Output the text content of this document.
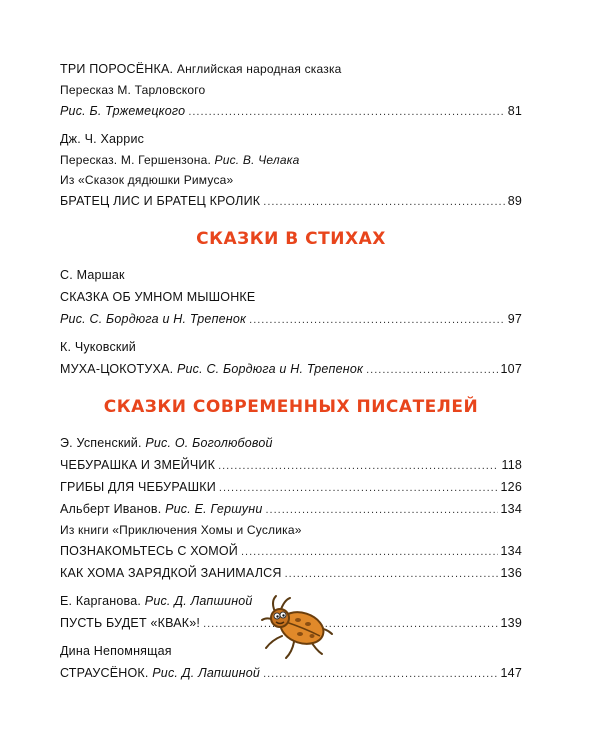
ТРИ ПОРОСЁНКА. Английская народная сказка
Пересказ М. Тарловского
Рис. Б. Тржемецкого .....	81
Дж. Ч. Харрис
Пересказ. М. Гершензона. Рис. В. Челака
Из «Сказок дядюшки Римуса»
БРАТЕЦ ЛИС И БРАТЕЦ КРОЛИК .....	89
СКАЗКИ В СТИХАХ
С. Маршак
СКАЗКА ОБ УМНОМ МЫШОНКЕ
Рис. С. Бордюга и Н. Трепенок .....	97
К. Чуковский
МУХА-ЦОКОТУХА. Рис. С. Бордюга и Н. Трепенок .....	107
СКАЗКИ СОВРЕМЕННЫХ ПИСАТЕЛЕЙ
Э. Успенский. Рис. О. Боголюбовой
ЧЕБУРАШКА И ЗМЕЙЧИК .....	118
ГРИБЫ ДЛЯ ЧЕБУРАШКИ .....	126
Альберт Иванов. Рис. Е. Гершуни .....	134
Из книги «Приключения Хомы и Суслика»
ПОЗНАКОМЬТЕСЬ С ХОМОЙ .....	134
КАК ХОМА ЗАРЯДКОЙ ЗАНИМАЛСЯ .....	136
Е. Карганова. Рис. Д. Лапшиной
ПУСТЬ БУДЕТ «КВАК»! .....	139
Дина Непомнящая
СТРАУСЁНОК. Рис. Д. Лапшиной .....	147
